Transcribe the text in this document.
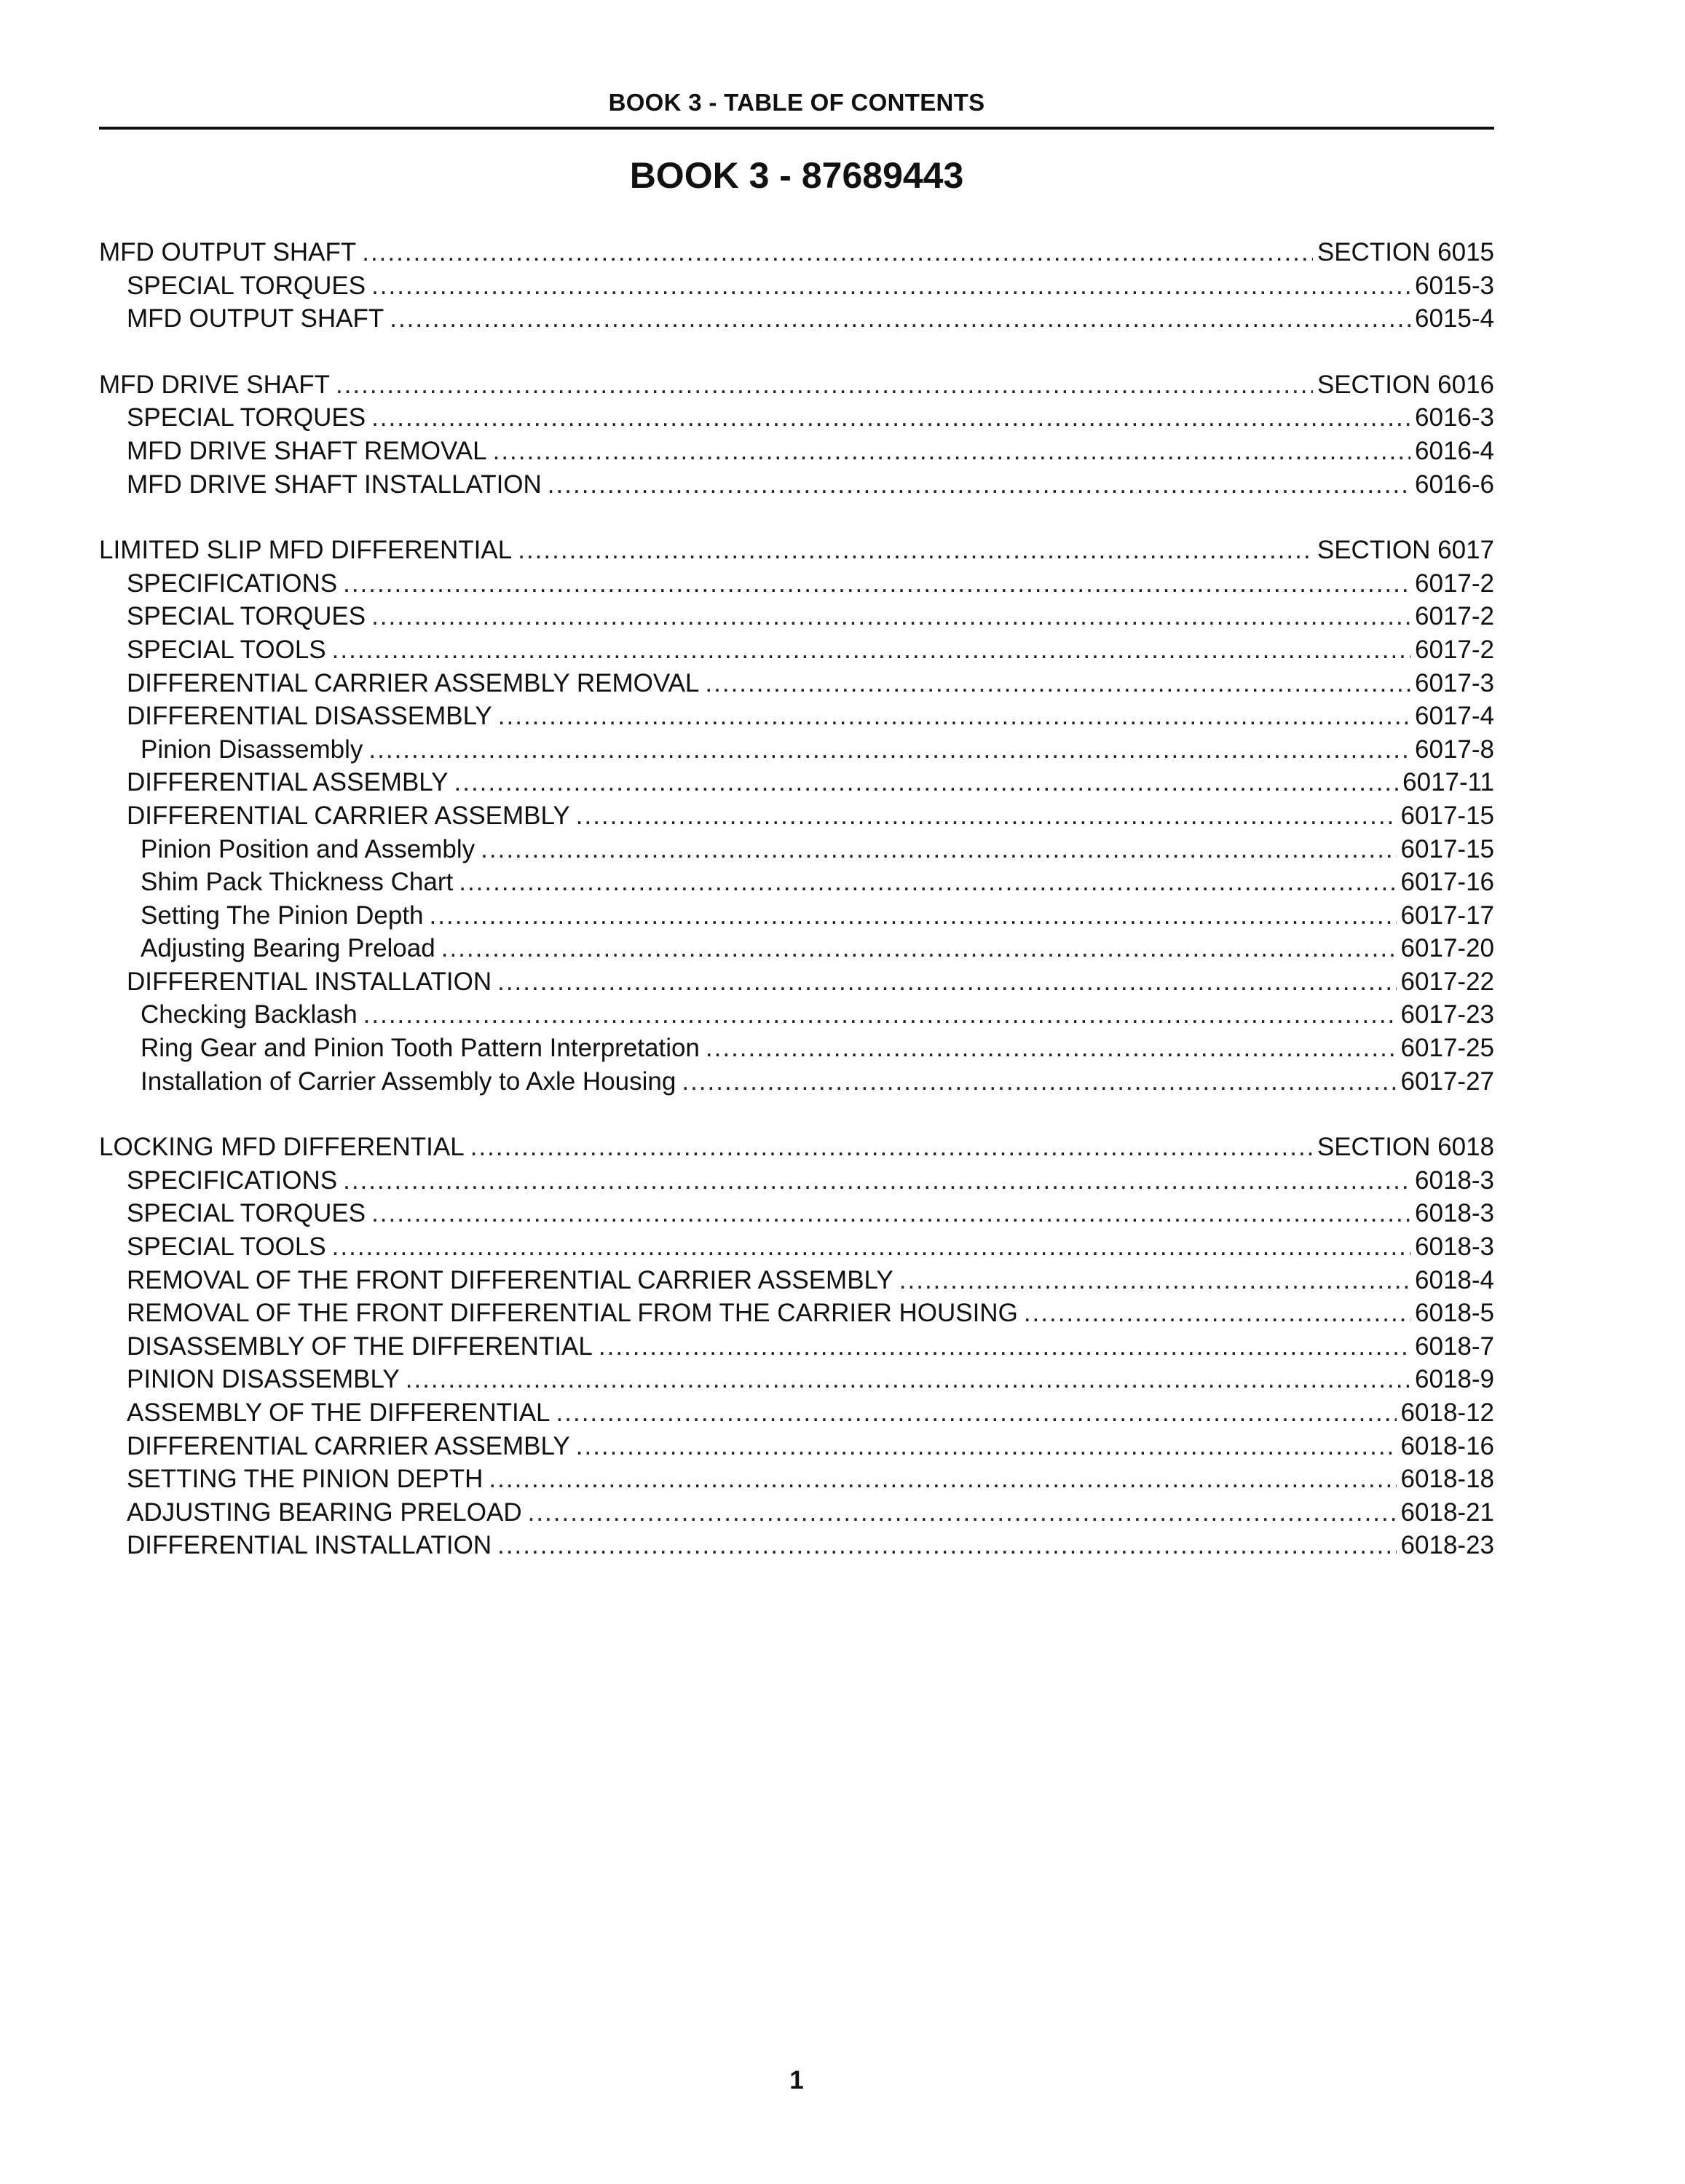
BOOK 3 - TABLE OF CONTENTS
BOOK 3 - 87689443
MFD OUTPUT SHAFT .....	SECTION 6015
SPECIAL TORQUES .....	6015-3
MFD OUTPUT SHAFT .....	6015-4
MFD DRIVE SHAFT .....	SECTION 6016
SPECIAL TORQUES .....	6016-3
MFD DRIVE SHAFT REMOVAL .....	6016-4
MFD DRIVE SHAFT INSTALLATION .....	6016-6
LIMITED SLIP MFD DIFFERENTIAL .....	SECTION 6017
SPECIFICATIONS .....	6017-2
SPECIAL TORQUES .....	6017-2
SPECIAL TOOLS .....	6017-2
DIFFERENTIAL CARRIER ASSEMBLY REMOVAL .....	6017-3
DIFFERENTIAL DISASSEMBLY .....	6017-4
Pinion Disassembly .....	6017-8
DIFFERENTIAL ASSEMBLY .....	6017-11
DIFFERENTIAL CARRIER ASSEMBLY .....	6017-15
Pinion Position and Assembly .....	6017-15
Shim Pack Thickness Chart .....	6017-16
Setting The Pinion Depth .....	6017-17
Adjusting Bearing Preload .....	6017-20
DIFFERENTIAL INSTALLATION .....	6017-22
Checking Backlash .....	6017-23
Ring Gear and Pinion Tooth Pattern Interpretation .....	6017-25
Installation of Carrier Assembly to Axle Housing .....	6017-27
LOCKING MFD DIFFERENTIAL .....	SECTION 6018
SPECIFICATIONS .....	6018-3
SPECIAL TORQUES .....	6018-3
SPECIAL TOOLS .....	6018-3
REMOVAL OF THE FRONT DIFFERENTIAL CARRIER ASSEMBLY .....	6018-4
REMOVAL OF THE FRONT DIFFERENTIAL FROM THE CARRIER HOUSING .....	6018-5
DISASSEMBLY OF THE DIFFERENTIAL .....	6018-7
PINION DISASSEMBLY .....	6018-9
ASSEMBLY OF THE DIFFERENTIAL .....	6018-12
DIFFERENTIAL CARRIER ASSEMBLY .....	6018-16
SETTING THE PINION DEPTH .....	6018-18
ADJUSTING BEARING PRELOAD .....	6018-21
DIFFERENTIAL INSTALLATION .....	6018-23
1
